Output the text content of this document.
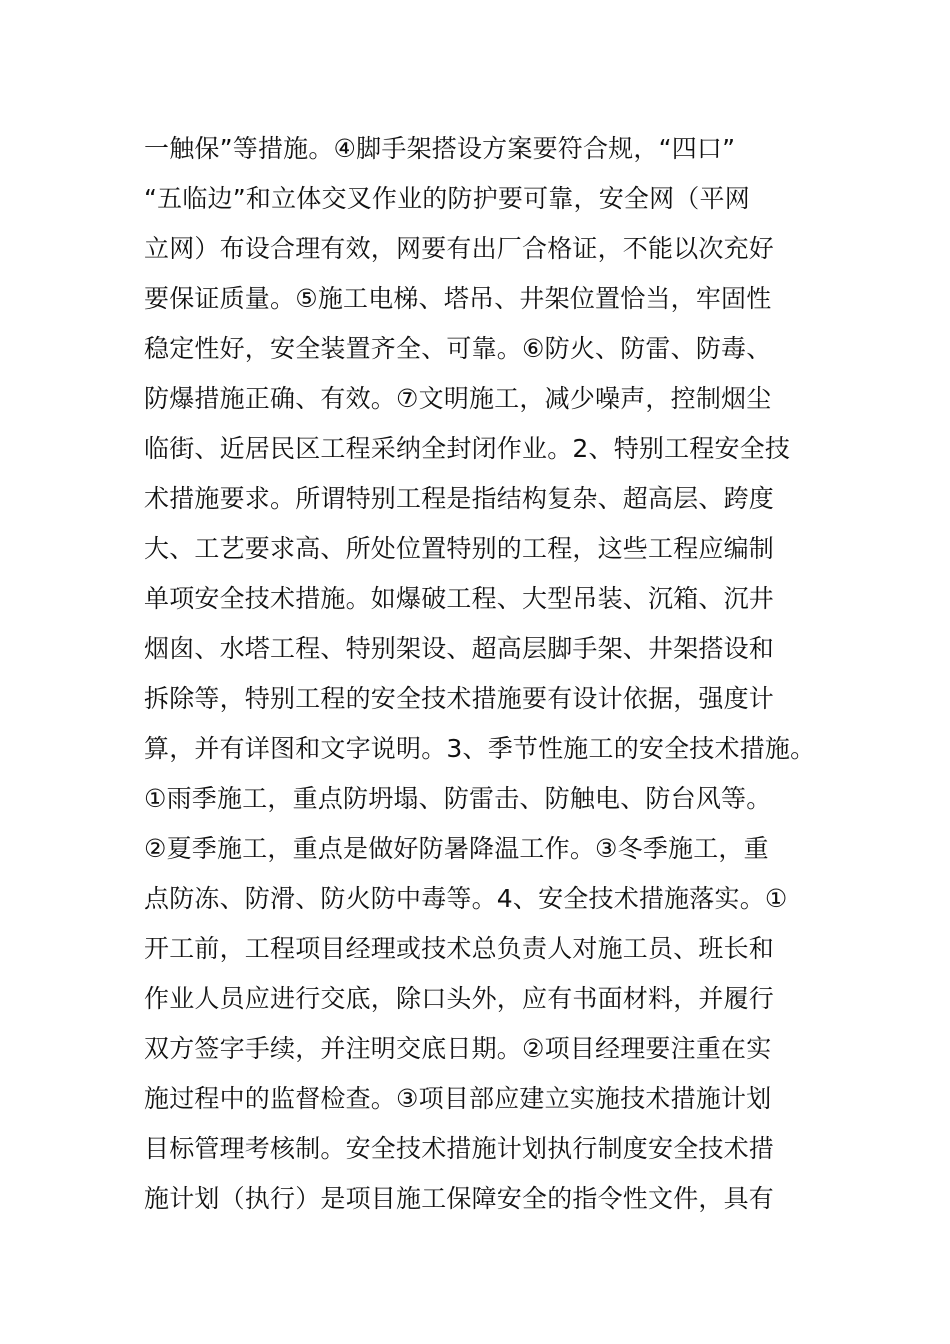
一触保”等措施。④脚手架搭设方案要符合规，“四口”
“五临边”和立体交叉作业的防护要可靠，安全网（平网
立网）布设合理有效，网要有出厂合格证，不能以次充好
要保证质量。⑤施工电梯、塔吊、井架位置恰当，牢固性
稳定性好，安全装置齐全、可靠。⑥防火、防雷、防毒、
防爆措施正确、有效。⑦文明施工，减少噪声，控制烟尘
临街、近居民区工程采纳全封闭作业。2、特别工程安全技
术措施要求。所谓特别工程是指结构复杂、超高层、跨度
大、工艺要求高、所处位置特别的工程，这些工程应编制
单项安全技术措施。如爆破工程、大型吊装、沉箱、沉井
烟囱、水塔工程、特别架设、超高层脚手架、井架搭设和
拆除等，特别工程的安全技术措施要有设计依据，强度计
算，并有详图和文字说明。3、季节性施工的安全技术措施。
①雨季施工，重点防坍塌、防雷击、防触电、防台风等。
②夏季施工，重点是做好防暑降温工作。③冬季施工，重
点防冻、防滑、防火防中毒等。4、安全技术措施落实。①
开工前，工程项目经理或技术总负责人对施工员、班长和
作业人员应进行交底，除口头外，应有书面材料，并履行
双方签字手续，并注明交底日期。②项目经理要注重在实
施过程中的监督检查。③项目部应建立实施技术措施计划
目标管理考核制。安全技术措施计划执行制度安全技术措
施计划（执行）是项目施工保障安全的指令性文件，具有
